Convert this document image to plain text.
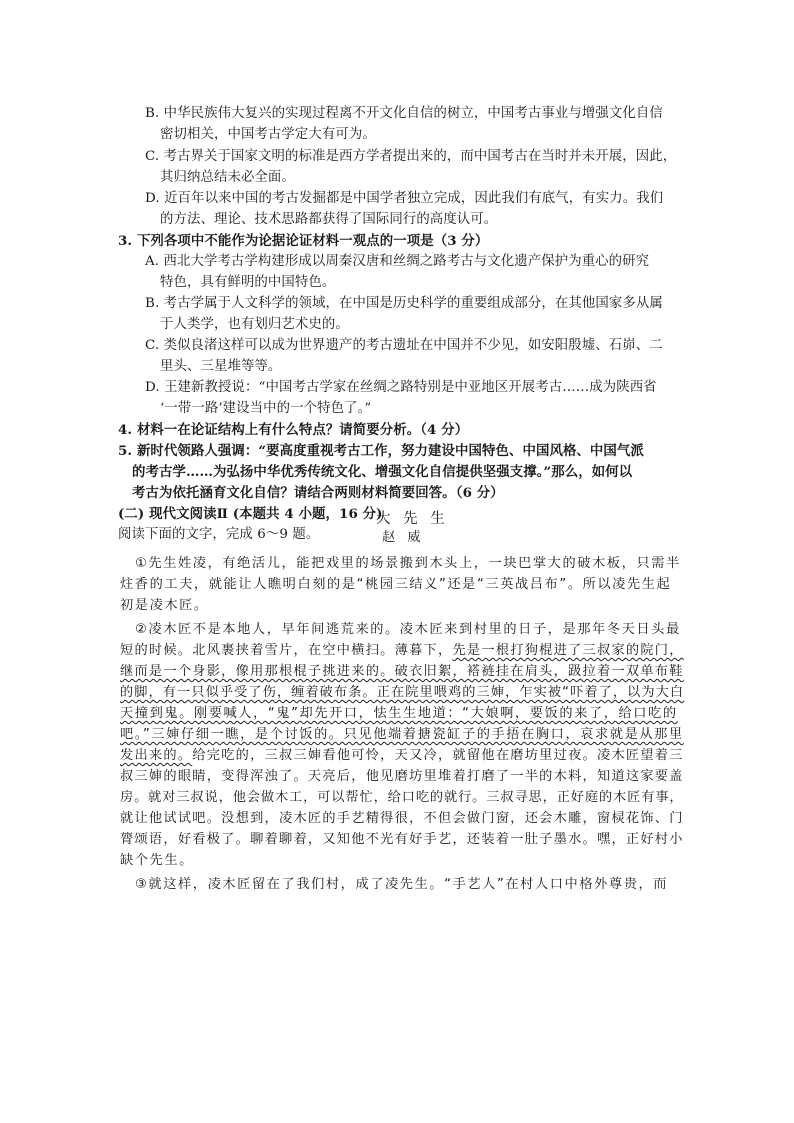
B. 中华民族伟大复兴的实现过程离不开文化自信的树立，中国考古事业与增强文化自信
密切相关，中国考古学定大有可为。
C. 考古界关于国家文明的标准是西方学者提出来的，而中国考古在当时并未开展，因此，
其归纳总结未必全面。
D. 近百年以来中国的考古发掘都是中国学者独立完成，因此我们有底气，有实力。我们
的方法、理论、技术思路都获得了国际同行的高度认可。
3. 下列各项中不能作为论据论证材料一观点的一项是（3 分）
A. 西北大学考古学构建形成以周秦汉唐和丝绸之路考古与文化遗产保护为重心的研究
特色，具有鲜明的中国特色。
B. 考古学属于人文科学的领域，在中国是历史科学的重要组成部分，在其他国家多从属
于人类学，也有划归艺术史的。
C. 类似良渚这样可以成为世界遗产的考古遗址在中国并不少见，如安阳殷墟、石峁、二
里头、三星堆等等。
D. 王建新教授说：“中国考古学家在丝绸之路特别是中亚地区开展考古……成为陕西省
‘一带一路’建设当中的一个特色了。”
4. 材料一在论证结构上有什么特点？请简要分析。（4 分）
5. 新时代领路人强调：“要高度重视考古工作，努力建设中国特色、中国风格、中国气派
的考古学……为弘扬中华优秀传统文化、增强文化自信提供坚强支撑。”那么，如何以
考古为依托涵育文化自信？请结合两则材料简要回答。（6 分）
(二) 现代文阅读Ⅱ (本题共 4 小题，16 分)
阅读下面的文字，完成 6～9 题。
大 先 生
赵 威
①先生姓凌，有绝活儿，能把戏里的场景搬到木头上，一块巴掌大的破木板，只需半
炷香的工夫，就能让人瞧明白刻的是“桃园三结义”还是“三英战吕布”。所以凌先生起
初是凌木匠。
②凌木匠不是本地人，早年间逃荒来的。凌木匠来到村里的日子，是那年冬天日头最
短的时候。北风裹挟着雪片，在空中横扫。薄暮下，先是一根打狗棍进了三叔家的院门，
继而是一个身影，像用那根棍子挑进来的。破衣旧絮，褡裢挂在肩头，趿拉着一双单布鞋
的脚，有一只似乎受了伤，缠着破布条。正在院里喂鸡的三婶，乍实被“吓着了，以为大白
天撞到鬼。刚要喊人，“鬼”却先开口，怯生生地道：“大娘啊，要饭的来了，给口吃的
吧。”三婶仔细一瞧，是个讨饭的。只见他端着搪瓷缸子的手捂在胸口，哀求就是从那里
发出来的。给完吃的，三叔三婶看他可怜，天又冷，就留他在磨坊里过夜。凌木匠望着三
叔三婶的眼睛，变得浑浊了。天亮后，他见磨坊里堆着打磨了一半的木料，知道这家要盖
房。就对三叔说，他会做木工，可以帮忙，给口吃的就行。三叔寻思，正好庭的木匠有事，
就让他试试吧。没想到，凌木匠的手艺精得很，不但会做门窗，还会木雕，窗棂花饰、门
膂颂语，好看极了。聊着聊着，又知他不光有好手艺，还装着一肚子墨水。嘿，正好村小
缺个先生。
③就这样，凌木匠留在了我们村，成了凌先生。“手艺人”在村人口中格外尊贵，而
